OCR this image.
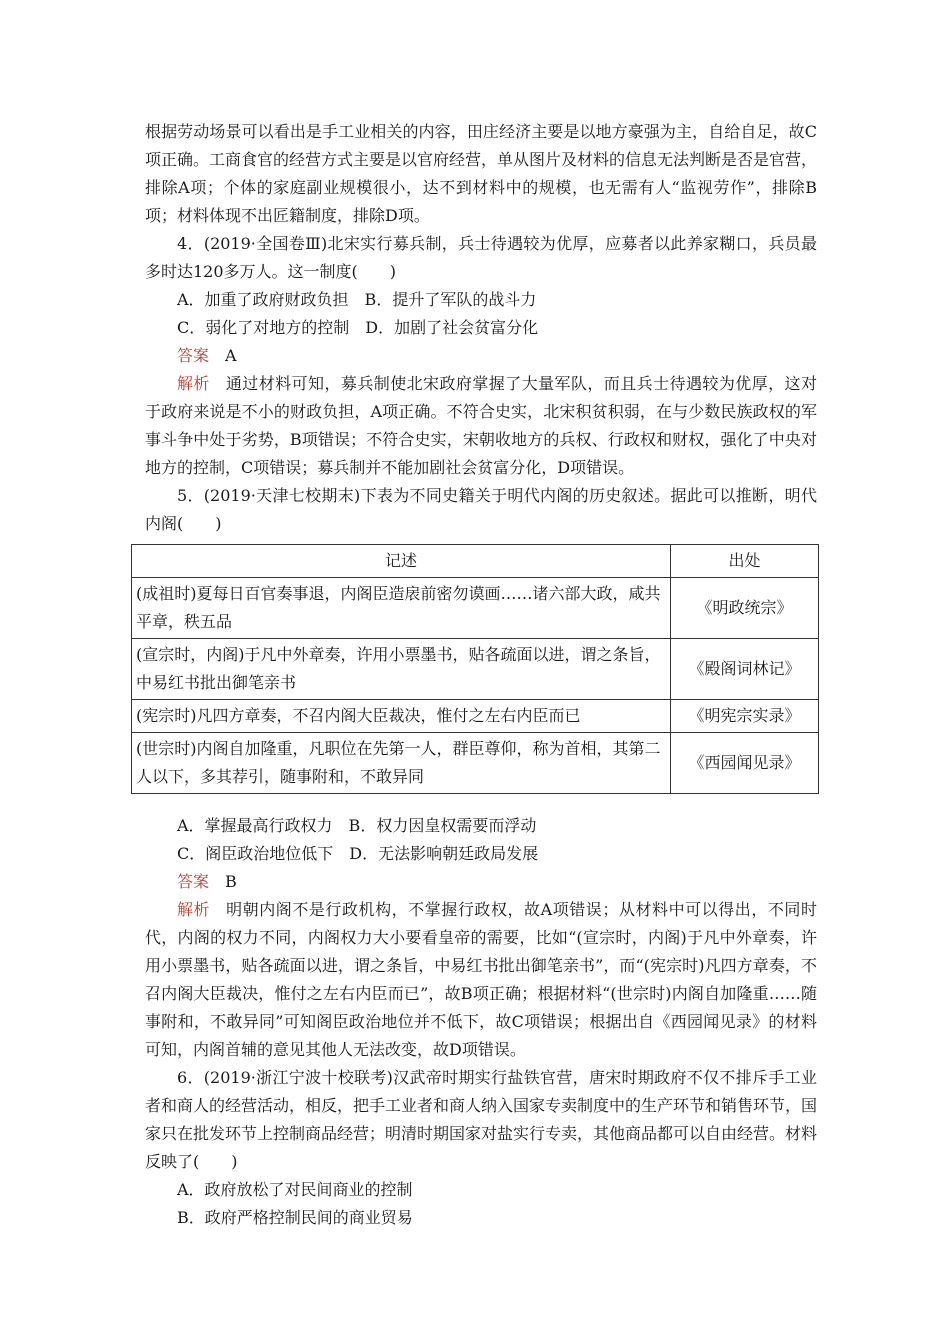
根据劳动场景可以看出是手工业相关的内容，田庄经济主要是以地方豪强为主，自给自足，故C项正确。工商食官的经营方式主要是以官府经营，单从图片及材料的信息无法判断是否是官营，排除A项；个体的家庭副业规模很小，达不到材料中的规模，也无需有人“监视劳作”，排除B项；材料体现不出匠籍制度，排除D项。

4．(2019·全国卷Ⅲ)北宋实行募兵制，兵士待遇较为优厚，应募者以此养家糊口，兵员最多时达120多万人。这一制度(　　)

A．加重了政府财政负担　B．提升了军队的战斗力
C．弱化了对地方的控制　D．加剧了社会贫富分化
答案 A

解析 通过材料可知，募兵制使北宋政府掌握了大量军队，而且兵士待遇较为优厚，这对于政府来说是不小的财政负担，A项正确。不符合史实，北宋积贫积弱，在与少数民族政权的军事斗争中处于劣势，B项错误；不符合史实，宋朝收地方的兵权、行政权和财权，强化了中央对地方的控制，C项错误；募兵制并不能加剧社会贫富分化，D项错误。

5．(2019·天津七校期末)下表为不同史籍关于明代内阁的历史叙述。据此可以推断，明代内阁(　　)

记述	出处
(成祖时)夏每日百官奏事退，内阁臣造扆前密勿谟画……诸六部大政，咸共平章，秩五品	《明政统宗》
(宣宗时，内阁)于凡中外章奏，许用小票墨书，贴各疏面以进，谓之条旨，中易红书批出御笔亲书	《殿阁词林记》
(宪宗时)凡四方章奏，不召内阁大臣裁决，惟付之左右内臣而已	《明宪宗实录》
(世宗时)内阁自加隆重，凡职位在先第一人，群臣尊仰，称为首相，其第二人以下，多其荐引，随事附和，不敢异同	《西园闻见录》
A．掌握最高行政权力　B．权力因皇权需要而浮动
C．阁臣政治地位低下　D．无法影响朝廷政局发展
答案 B

解析 明朝内阁不是行政机构，不掌握行政权，故A项错误；从材料中可以得出，不同时代，内阁的权力不同，内阁权力大小要看皇帝的需要，比如“(宣宗时，内阁)于凡中外章奏，许用小票墨书，贴各疏面以进，谓之条旨，中易红书批出御笔亲书”，而“(宪宗时)凡四方章奏，不召内阁大臣裁决，惟付之左右内臣而已”，故B项正确；根据材料“(世宗时)内阁自加隆重……随事附和，不敢异同”可知阁臣政治地位并不低下，故C项错误；根据出自《西园闻见录》的材料可知，内阁首辅的意见其他人无法改变，故D项错误。

6．(2019·浙江宁波十校联考)汉武帝时期实行盐铁官营，唐宋时期政府不仅不排斥手工业者和商人的经营活动，相反，把手工业者和商人纳入国家专卖制度中的生产环节和销售环节，国家只在批发环节上控制商品经营；明清时期国家对盐实行专卖，其他商品都可以自由经营。材料反映了(　　)

A．政府放松了对民间商业的控制
B．政府严格控制民间的商业贸易
